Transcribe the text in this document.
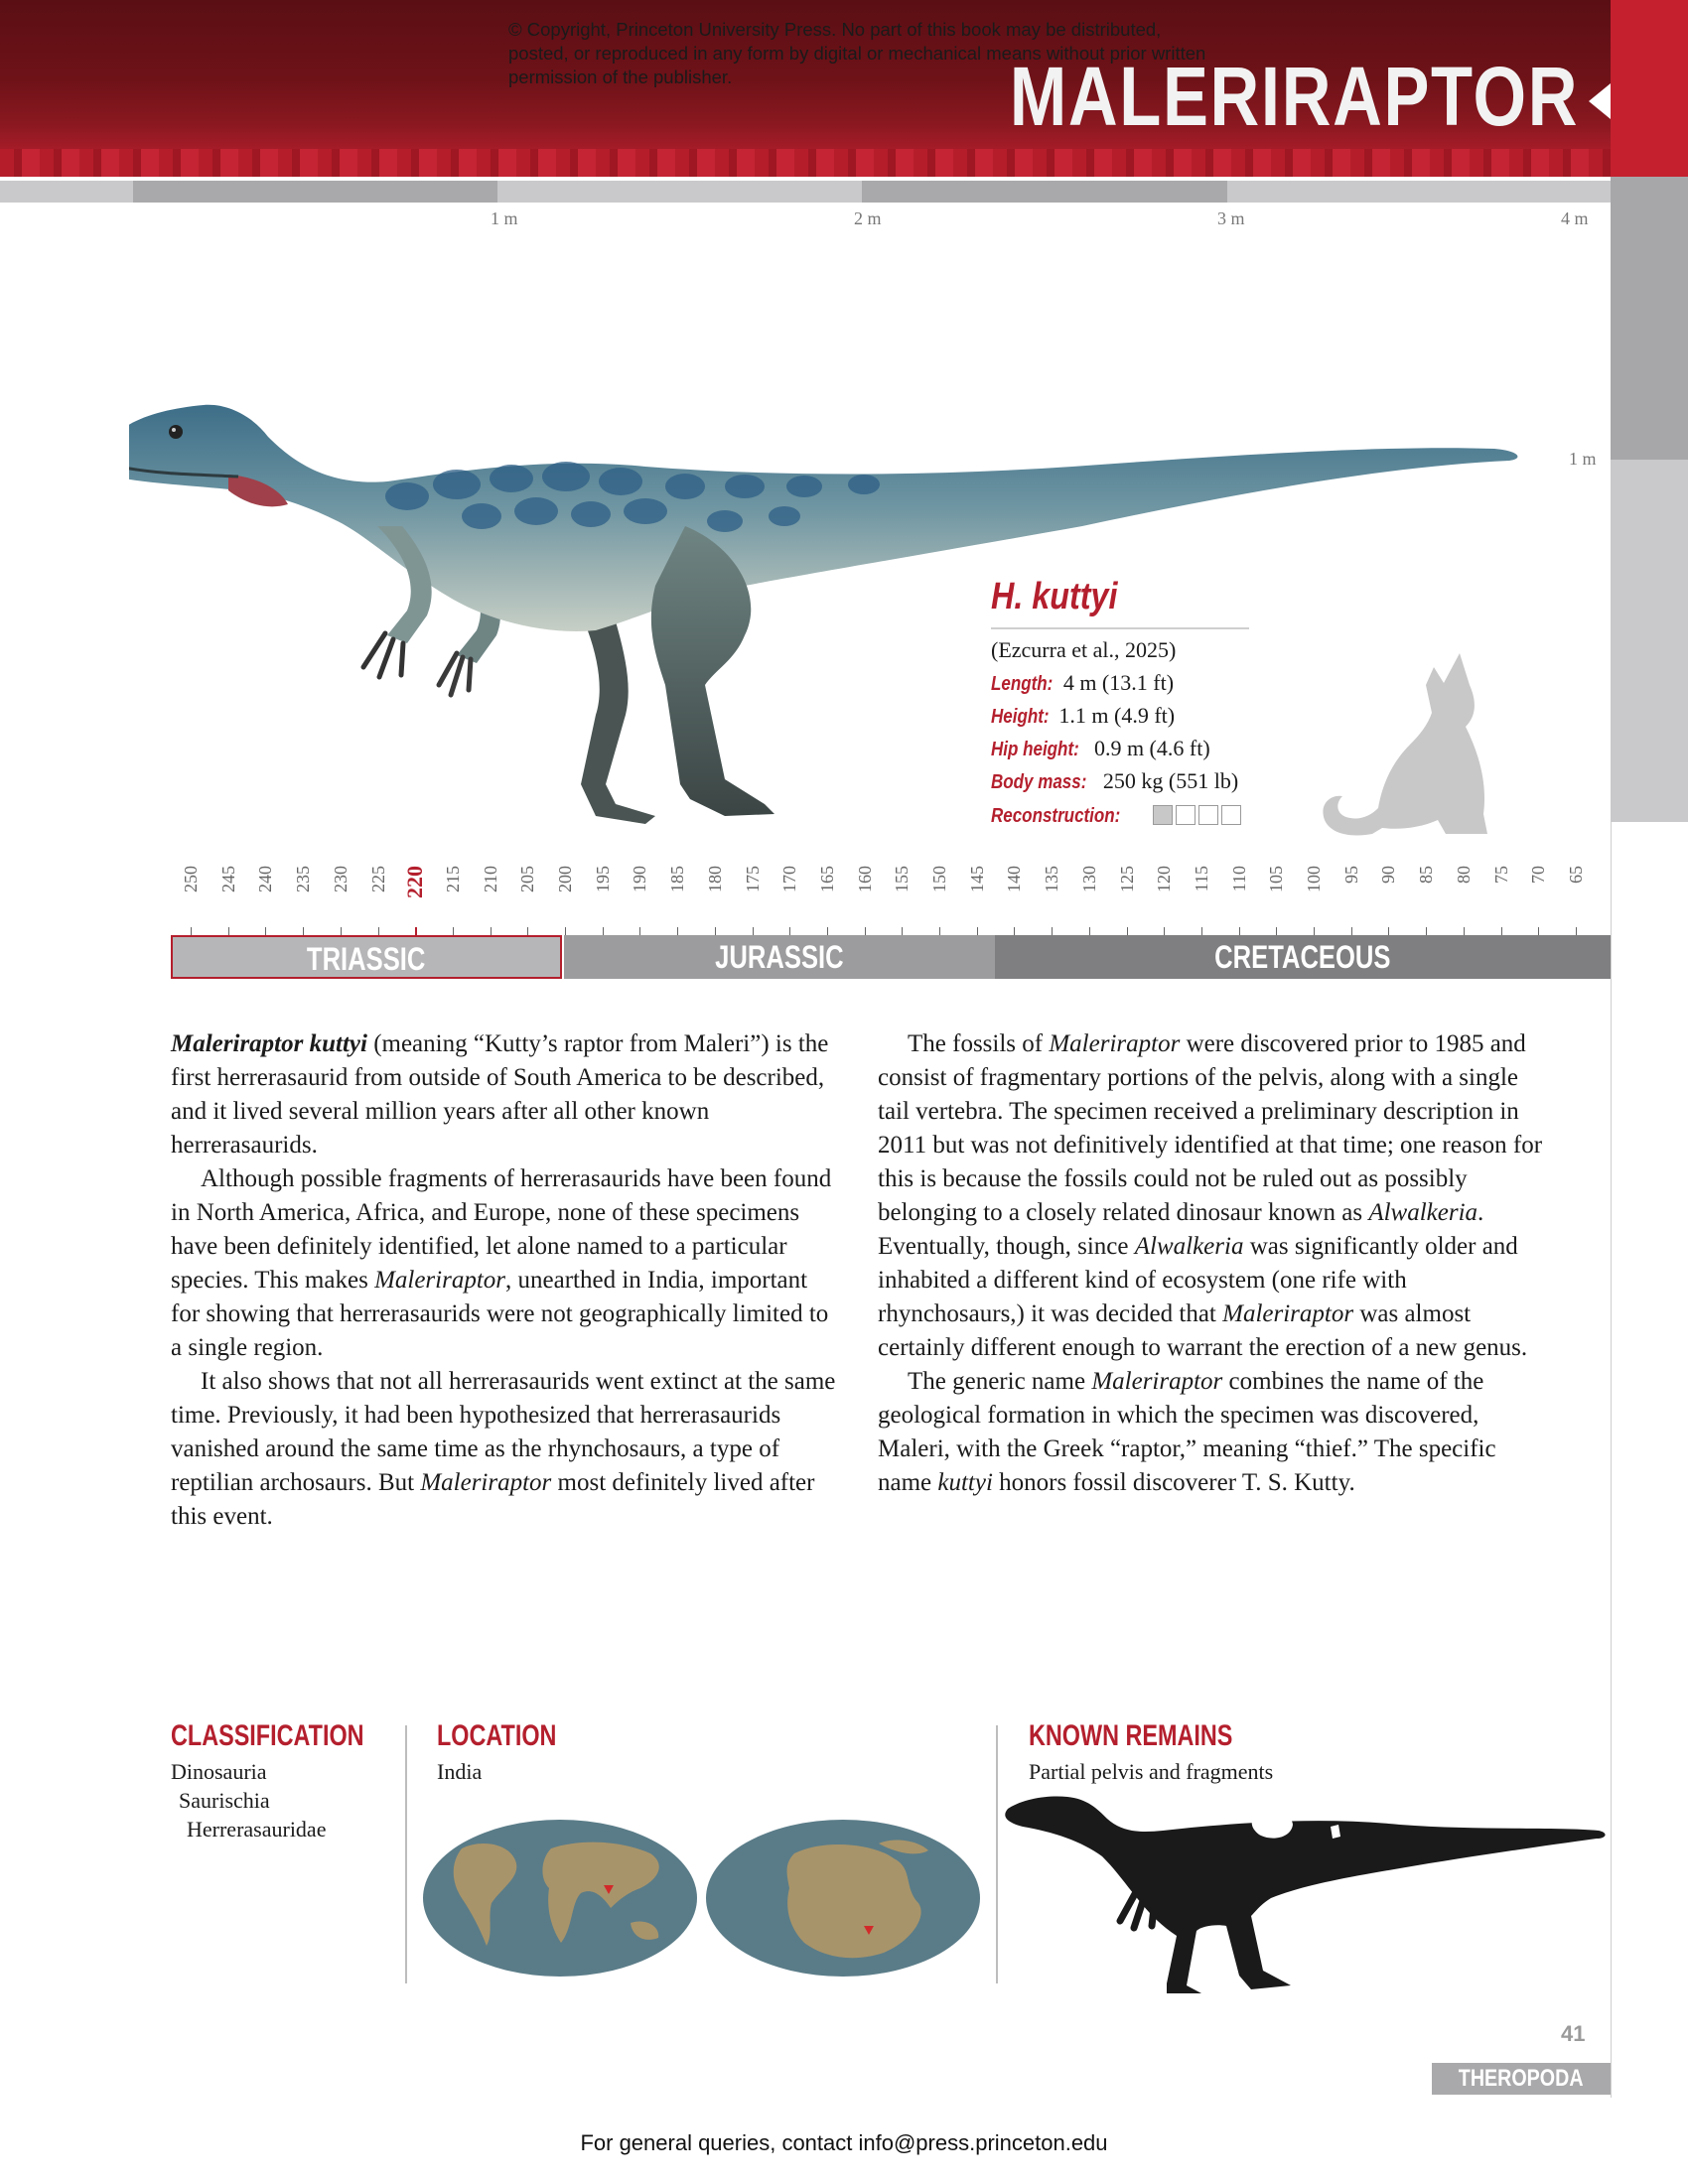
© Copyright, Princeton University Press. No part of this book may be distributed, posted, or reproduced in any form by digital or mechanical means without prior written permission of the publisher.	MALERIRAPTOR
1 m	2 m	3 m	4 m
1 m
H. kuttyi
(Ezcurra et al., 2025)
Length: 4 m (13.1 ft)
Height: 1.1 m (4.9 ft)
Hip height: 0.9 m (4.6 ft)
Body mass: 250 kg (551 lb)
Reconstruction:
250 245 240 235 230 225 220 215 210 205 200 195 190 185 180 175 170 165 160 155 150 145 140 135 130 125 120 115 110 105 100 95 90 85 80 75 70 65
TRIASSIC	JURASSIC	CRETACEOUS

Maleriraptor kuttyi (meaning “Kutty’s raptor from Maleri”) is the first herrerasaurid from outside of South America to be described, and it lived several million years after all other known herrerasaurids.

Although possible fragments of herrerasaurids have been found in North America, Africa, and Europe, none of these specimens have been definitely identified, let alone named to a particular species. This makes Maleriraptor, unearthed in India, important for showing that herrerasaurids were not geographically limited to a single region.

It also shows that not all herrerasaurids went extinct at the same time. Previously, it had been hypothesized that herrerasaurids vanished around the same time as the rhynchosaurs, a type of reptilian archosaurs. But Maleriraptor most definitely lived after this event.

The fossils of Maleriraptor were discovered prior to 1985 and consist of fragmentary portions of the pelvis, along with a single tail vertebra. The specimen received a preliminary description in 2011 but was not definitively identified at that time; one reason for this is because the fossils could not be ruled out as possibly belonging to a closely related dinosaur known as Alwalkeria. Eventually, though, since Alwalkeria was significantly older and inhabited a different kind of ecosystem (one rife with rhynchosaurs,) it was decided that Maleriraptor was almost certainly different enough to warrant the erection of a new genus.

The generic name Maleriraptor combines the name of the geological formation in which the specimen was discovered, Maleri, with the Greek “raptor,” meaning “thief.” The specific name kuttyi honors fossil discoverer T. S. Kutty.

CLASSIFICATION
Dinosauria
Saurischia
Herrerasauridae
LOCATION
India
KNOWN REMAINS
Partial pelvis and fragments
41
THEROPODA
For general queries, contact info@press.princeton.edu
